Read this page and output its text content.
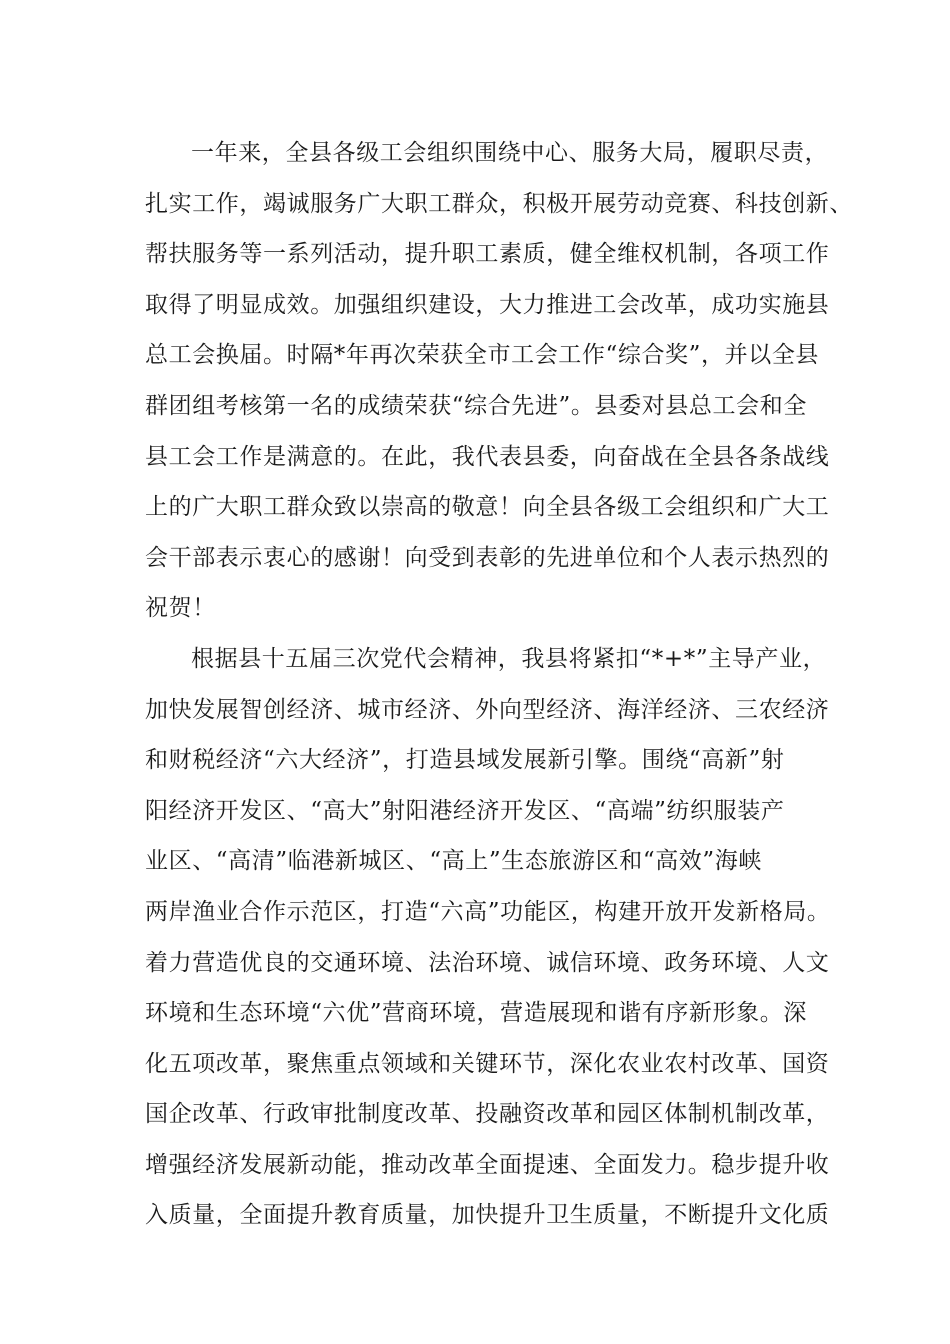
一年来，全县各级工会组织围绕中心、服务大局，履职尽责，
扎实工作，竭诚服务广大职工群众，积极开展劳动竞赛、科技创新、
帮扶服务等一系列活动，提升职工素质，健全维权机制，各项工作
取得了明显成效。加强组织建设，大力推进工会改革，成功实施县
总工会换届。时隔*年再次荣获全市工会工作“综合奖”，并以全县
群团组考核第一名的成绩荣获“综合先进”。县委对县总工会和全
县工会工作是满意的。在此，我代表县委，向奋战在全县各条战线
上的广大职工群众致以崇高的敬意！向全县各级工会组织和广大工
会干部表示衷心的感谢！向受到表彰的先进单位和个人表示热烈的
祝贺！
根据县十五届三次党代会精神，我县将紧扣“*+*”主导产业，
加快发展智创经济、城市经济、外向型经济、海洋经济、三农经济
和财税经济“六大经济”，打造县域发展新引擎。围绕“高新”射
阳经济开发区、“高大”射阳港经济开发区、“高端”纺织服装产
业区、“高清”临港新城区、“高上”生态旅游区和“高效”海峡
两岸渔业合作示范区，打造“六高”功能区，构建开放开发新格局。
着力营造优良的交通环境、法治环境、诚信环境、政务环境、人文
环境和生态环境“六优”营商环境，营造展现和谐有序新形象。深
化五项改革，聚焦重点领域和关键环节，深化农业农村改革、国资
国企改革、行政审批制度改革、投融资改革和园区体制机制改革，
增强经济发展新动能，推动改革全面提速、全面发力。稳步提升收
入质量，全面提升教育质量，加快提升卫生质量，不断提升文化质
